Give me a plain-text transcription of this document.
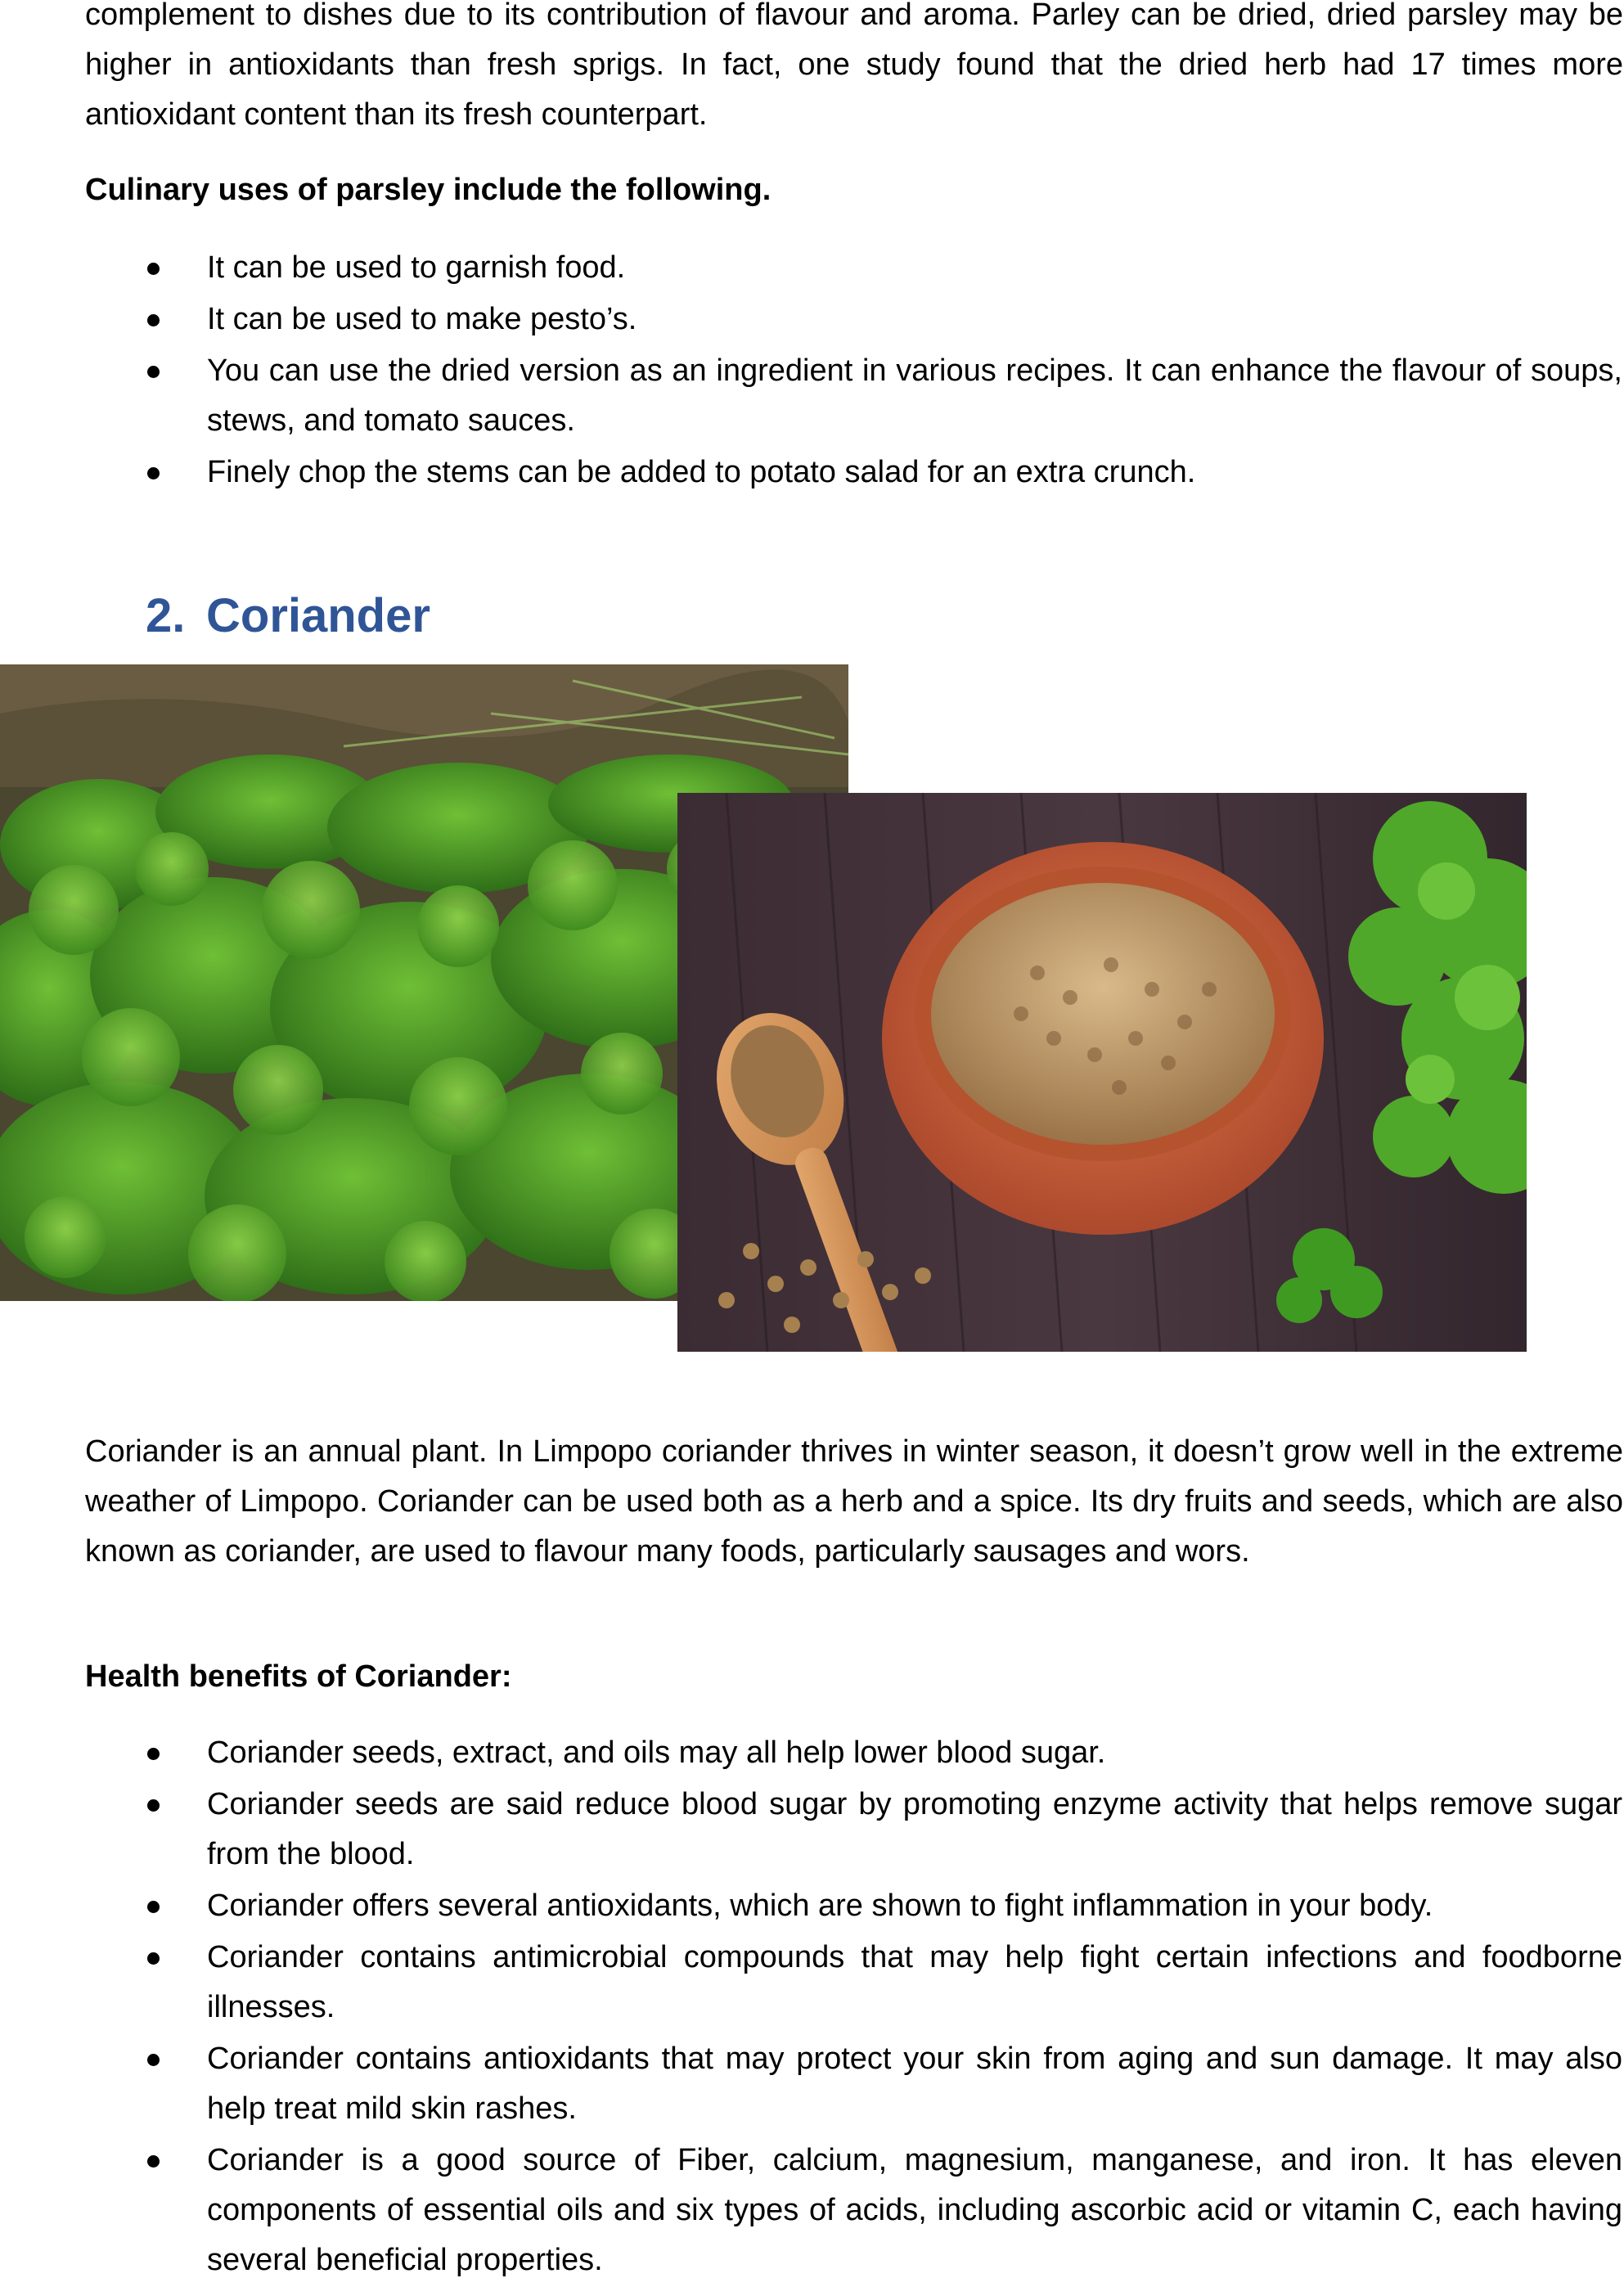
complement to dishes due to its contribution of flavour and aroma. Parley can be dried, dried parsley may be higher in antioxidants than fresh sprigs. In fact, one study found that the dried herb had 17 times more antioxidant content than its fresh counterpart.

Culinary uses of parsley include the following.

It can be used to garnish food.
It can be used to make pesto’s.
You can use the dried version as an ingredient in various recipes. It can enhance the flavour of soups, stews, and tomato sauces.
Finely chop the stems can be added to potato salad for an extra crunch.
2. Coriander

Coriander is an annual plant. In Limpopo coriander thrives in winter season, it doesn’t grow well in the extreme weather of Limpopo. Coriander can be used both as a herb and a spice. Its dry fruits and seeds, which are also known as coriander, are used to flavour many foods, particularly sausages and wors.

Health benefits of Coriander:

Coriander seeds, extract, and oils may all help lower blood sugar.
Coriander seeds are said reduce blood sugar by promoting enzyme activity that helps remove sugar from the blood.
Coriander offers several antioxidants, which are shown to fight inflammation in your body.
Coriander contains antimicrobial compounds that may help fight certain infections and foodborne illnesses.
Coriander contains antioxidants that may protect your skin from aging and sun damage. It may also help treat mild skin rashes.
Coriander is a good source of Fiber, calcium, magnesium, manganese, and iron. It has eleven components of essential oils and six types of acids, including ascorbic acid or vitamin C, each having several beneficial properties.
